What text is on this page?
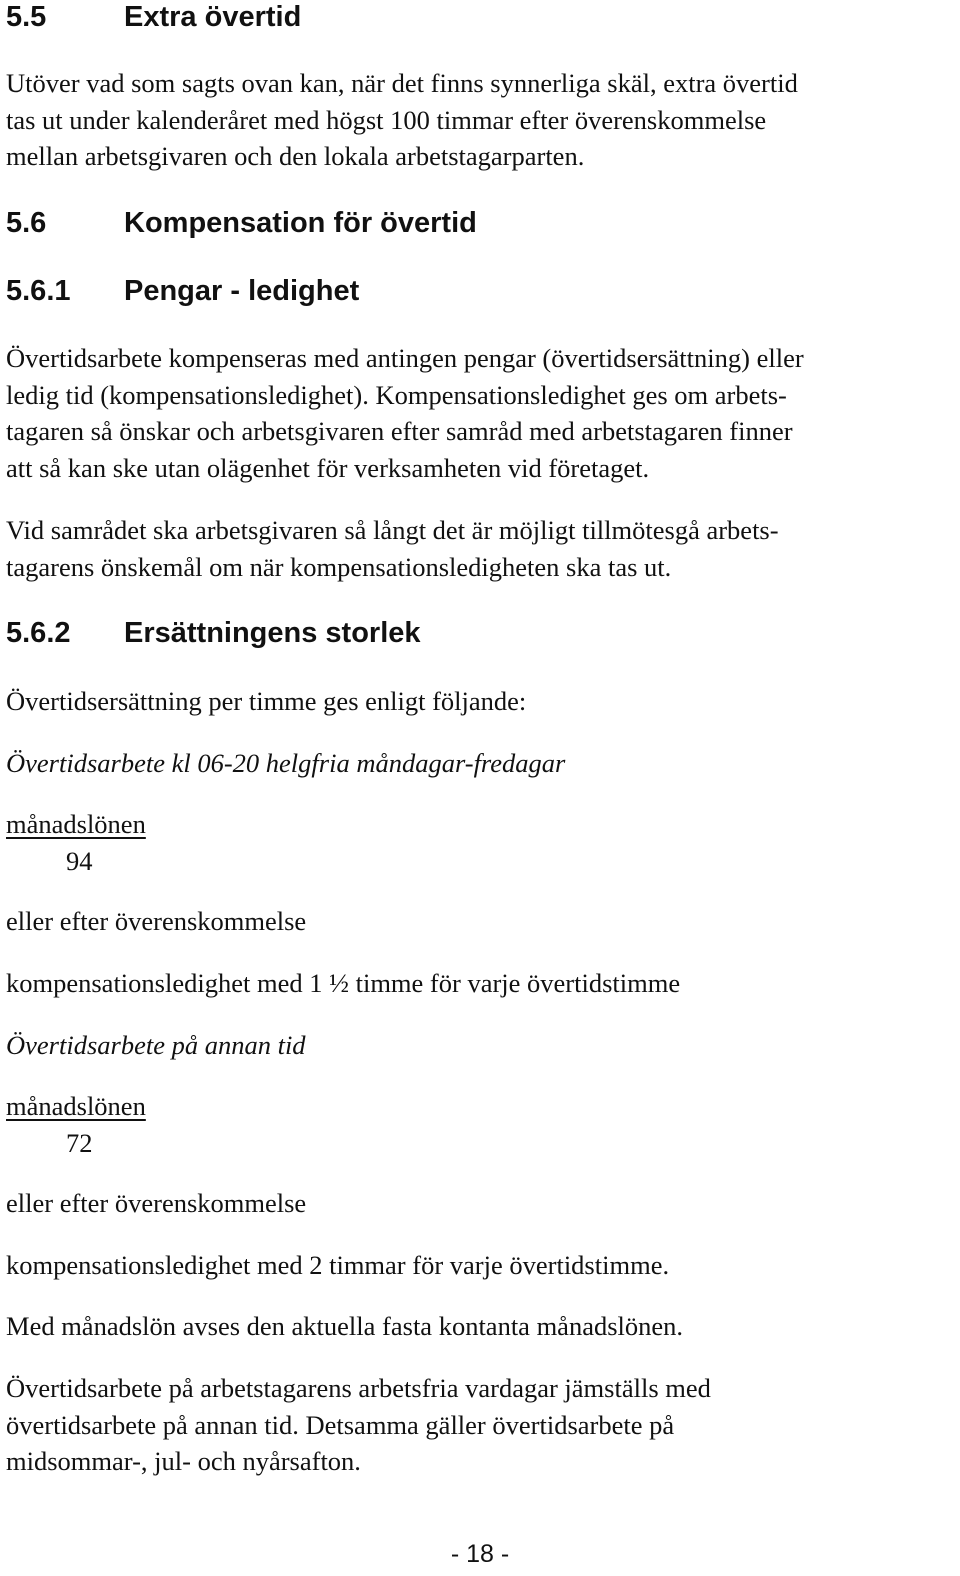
5.5	Extra övertid

Utöver vad som sagts ovan kan, när det finns synnerliga skäl, extra övertid
tas ut under kalenderåret med högst 100 timmar efter överenskommelse
mellan arbetsgivaren och den lokala arbetstagarparten.

5.6	Kompensation för övertid
5.6.1 Pengar - ledighet

Övertidsarbete kompenseras med antingen pengar (övertidsersättning) eller
ledig tid (kompensationsledighet). Kompensationsledighet ges om arbets-
tagaren så önskar och arbetsgivaren efter samråd med arbetstagaren finner
att så kan ske utan olägenhet för verksamheten vid företaget.

Vid samrådet ska arbetsgivaren så långt det är möjligt tillmötesgå arbets-
tagarens önskemål om när kompensationsledigheten ska tas ut.

5.6.2 Ersättningens storlek

Övertidsersättning per timme ges enligt följande:

Övertidsarbete kl 06-20 helgfria måndagar-fredagar

månadslönen
94

eller efter överenskommelse

kompensationsledighet med 1 ½ timme för varje övertidstimme

Övertidsarbete på annan tid

månadslönen
72

eller efter överenskommelse

kompensationsledighet med 2 timmar för varje övertidstimme.

Med månadslön avses den aktuella fasta kontanta månadslönen.

Övertidsarbete på arbetstagarens arbetsfria vardagar jämställs med
övertidsarbete på annan tid. Detsamma gäller övertidsarbete på
midsommar-, jul- och nyårsafton.

- 18 -
